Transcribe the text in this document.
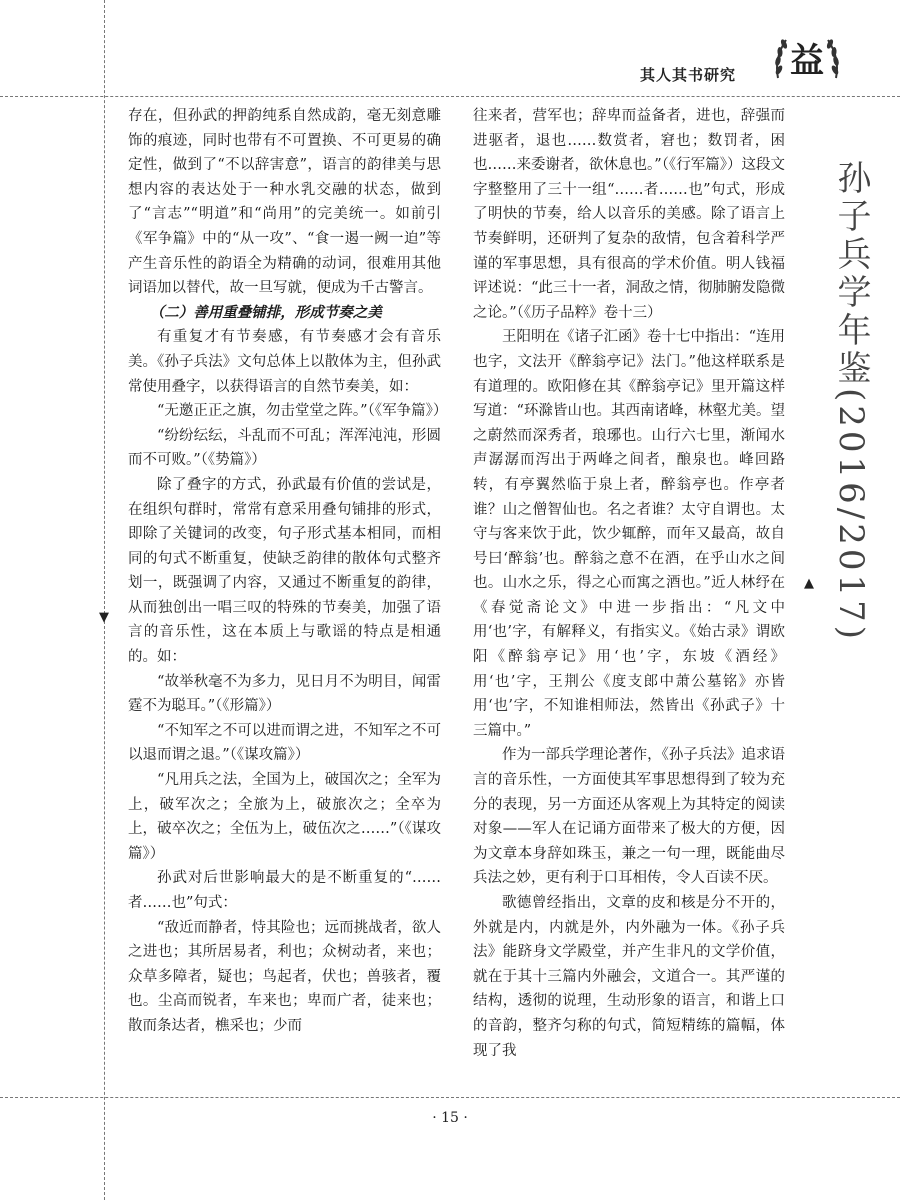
其人其书研究 益

存在，但孙武的押韵纯系自然成韵，毫无刻意雕饰的痕迹，同时也带有不可置换、不可更易的确定性，做到了“不以辞害意”，语言的韵律美与思想内容的表达处于一种水乳交融的状态，做到了“言志”“明道”和“尚用”的完美统一。如前引《军争篇》中的“从一攻”、“食一遏一阙一迫”等产生音乐性的韵语全为精确的动词，很难用其他词语加以替代，故一旦写就，便成为千古警言。

（二）善用重叠铺排，形成节奏之美

有重复才有节奏感，有节奏感才会有音乐美。《孙子兵法》文句总体上以散体为主，但孙武常使用叠字，以获得语言的自然节奏美，如：

“无邀正正之旗，勿击堂堂之阵。”（《军争篇》）

“纷纷纭纭，斗乱而不可乱；浑浑沌沌，形圆而不可败。”（《势篇》）

除了叠字的方式，孙武最有价值的尝试是，在组织句群时，常常有意采用叠句铺排的形式，即除了关键词的改变，句子形式基本相同，而相同的句式不断重复，使缺乏韵律的散体句式整齐划一，既强调了内容，又通过不断重复的韵律，从而独创出一唱三叹的特殊的节奏美，加强了语言的音乐性，这在本质上与歌谣的特点是相通的。如：

“故举秋毫不为多力，见日月不为明目，闻雷霆不为聪耳。”（《形篇》）

“不知军之不可以进而谓之进，不知军之不可以退而谓之退。”（《谋攻篇》）

“凡用兵之法，全国为上，破国次之；全军为上，破军次之；全旅为上，破旅次之；全卒为上，破卒次之；全伍为上，破伍次之……”（《谋攻篇》）

孙武对后世影响最大的是不断重复的“……者……也”句式：

“敌近而静者，恃其险也；远而挑战者，欲人之进也；其所居易者，利也；众树动者，来也；众草多障者，疑也；鸟起者，伏也；兽骇者，覆也。尘高而锐者，车来也；卑而广者，徒来也；散而条达者，樵采也；少而

往来者，营军也；辞卑而益备者，进也，辞强而进驱者，退也……数赏者，窘也；数罚者，困也……来委谢者，欲休息也。”（《行军篇》）这段文字整整用了三十一组“……者……也”句式，形成了明快的节奏，给人以音乐的美感。除了语言上节奏鲜明，还研判了复杂的敌情，包含着科学严谨的军事思想，具有很高的学术价值。明人钱福评述说：“此三十一者，洞敌之情，彻肺腑发隐微之论。”（《历子品粹》卷十三）

王阳明在《诸子汇函》卷十七中指出：“连用也字，文法开《醉翁亭记》法门。”他这样联系是有道理的。欧阳修在其《醉翁亭记》里开篇这样写道：“环滁皆山也。其西南诸峰，林壑尤美。望之蔚然而深秀者，琅琊也。山行六七里，渐闻水声潺潺而泻出于两峰之间者，酿泉也。峰回路转，有亭翼然临于泉上者，醉翁亭也。作亭者谁？山之僧智仙也。名之者谁？太守自谓也。太守与客来饮于此，饮少辄醉，而年又最高，故自号曰‘醉翁’也。醉翁之意不在酒，在乎山水之间也。山水之乐，得之心而寓之酒也。”近人林纾在《春觉斋论文》中进一步指出：“凡文中用‘也’字，有解释义，有指实义。《始古录》谓欧阳《醉翁亭记》用‘也’字，东坡《酒经》用‘也’字，王荆公《度支郎中萧公墓铭》亦皆用‘也’字，不知谁相师法，然皆出《孙武子》十三篇中。”

作为一部兵学理论著作，《孙子兵法》追求语言的音乐性，一方面使其军事思想得到了较为充分的表现，另一方面还从客观上为其特定的阅读对象——军人在记诵方面带来了极大的方便，因为文章本身辞如珠玉，兼之一句一理，既能曲尽兵法之妙，更有利于口耳相传，令人百读不厌。

歌德曾经指出，文章的皮和核是分不开的，外就是内，内就是外，内外融为一体。《孙子兵法》能跻身文学殿堂，并产生非凡的文学价值，就在于其十三篇内外融会，文道合一。其严谨的结构，透彻的说理，生动形象的语言，和谐上口的音韵，整齐匀称的句式，简短精练的篇幅，体现了我

孙子兵学年鉴(2016/2017)
▼
▲
· 15 ·
